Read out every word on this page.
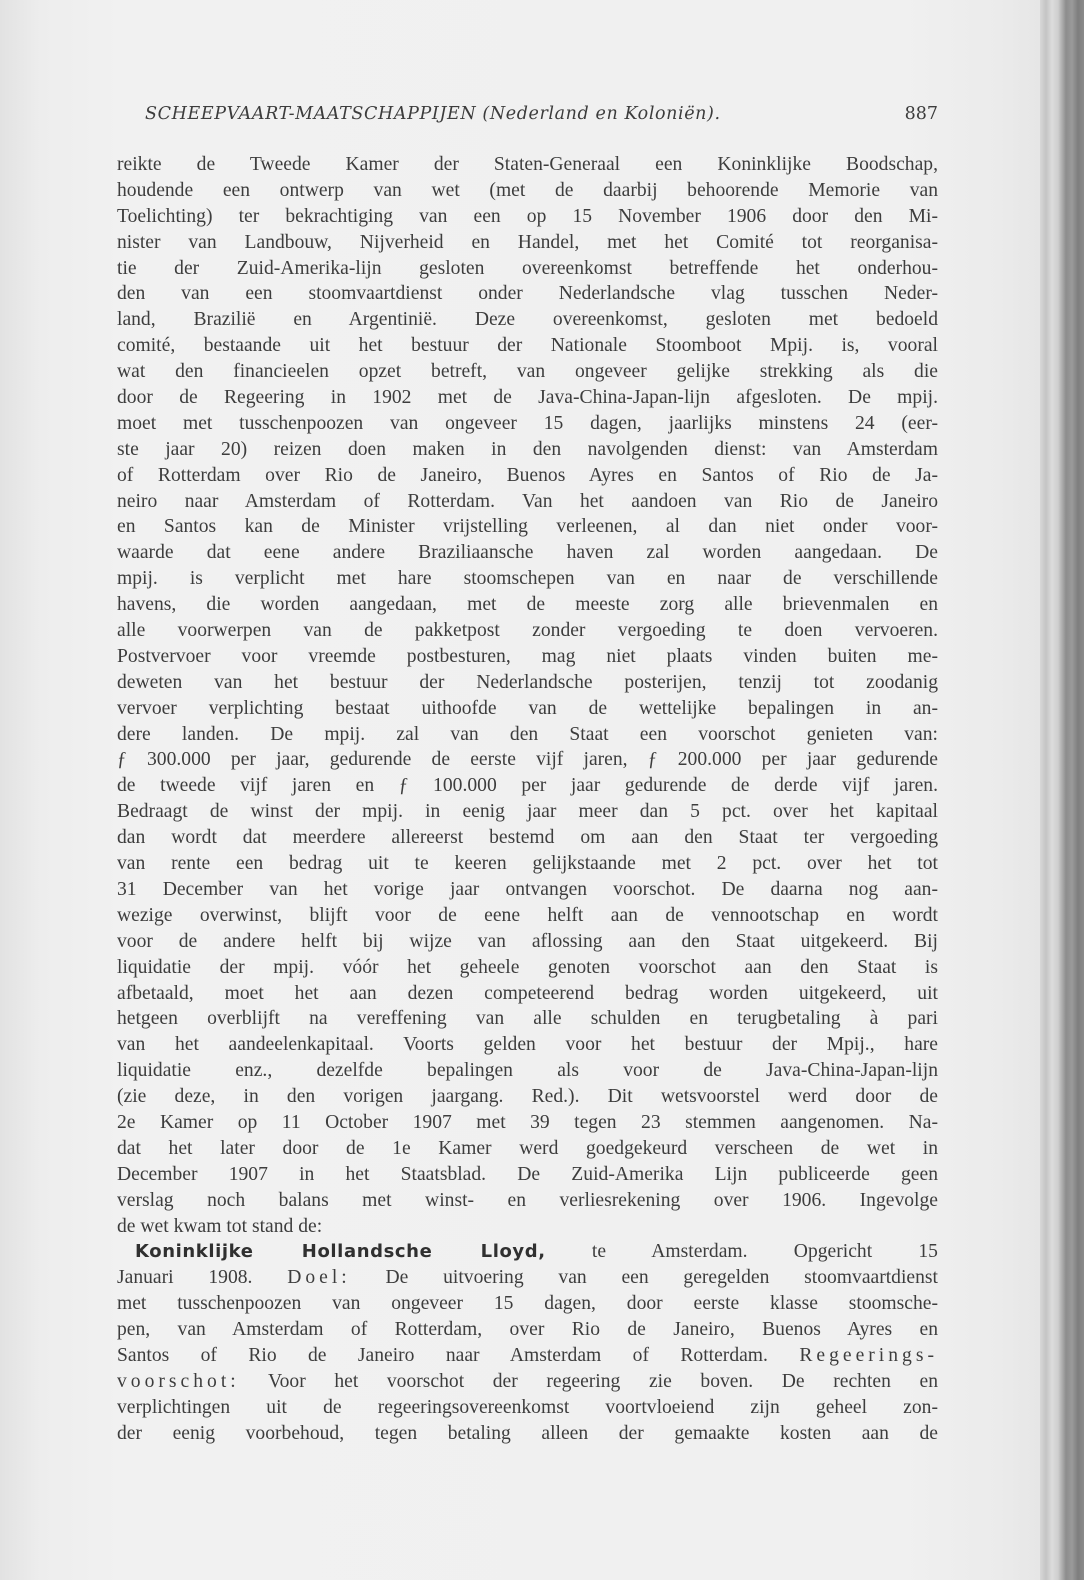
SCHEEPVAART-MAATSCHAPPIJEN (Nederland en Koloniën).	887
reikte de Tweede Kamer der Staten-Generaal een Koninklijke Boodschap,
houdende een ontwerp van wet (met de daarbij behoorende Memorie van
Toelichting) ter bekrachtiging van een op 15 November 1906 door den Mi-
nister van Landbouw, Nijverheid en Handel, met het Comité tot reorganisa-
tie der Zuid-Amerika-lijn gesloten overeenkomst betreffende het onderhou-
den van een stoomvaartdienst onder Nederlandsche vlag tusschen Neder-
land, Brazilië en Argentinië. Deze overeenkomst, gesloten met bedoeld
comité, bestaande uit het bestuur der Nationale Stoomboot Mpij. is, vooral
wat den financieelen opzet betreft, van ongeveer gelijke strekking als die
door de Regeering in 1902 met de Java-China-Japan-lijn afgesloten. De mpij.
moet met tusschenpoozen van ongeveer 15 dagen, jaarlijks minstens 24 (eer-
ste jaar 20) reizen doen maken in den navolgenden dienst: van Amsterdam
of Rotterdam over Rio de Janeiro, Buenos Ayres en Santos of Rio de Ja-
neiro naar Amsterdam of Rotterdam. Van het aandoen van Rio de Janeiro
en Santos kan de Minister vrijstelling verleenen, al dan niet onder voor-
waarde dat eene andere Braziliaansche haven zal worden aangedaan. De
mpij. is verplicht met hare stoomschepen van en naar de verschillende
havens, die worden aangedaan, met de meeste zorg alle brievenmalen en
alle voorwerpen van de pakketpost zonder vergoeding te doen vervoeren.
Postvervoer voor vreemde postbesturen, mag niet plaats vinden buiten me-
deweten van het bestuur der Nederlandsche posterijen, tenzij tot zoodanig
vervoer verplichting bestaat uithoofde van de wettelijke bepalingen in an-
dere landen. De mpij. zal van den Staat een voorschot genieten van:
ƒ 300.000 per jaar, gedurende de eerste vijf jaren, ƒ 200.000 per jaar gedurende
de tweede vijf jaren en ƒ 100.000 per jaar gedurende de derde vijf jaren.
Bedraagt de winst der mpij. in eenig jaar meer dan 5 pct. over het kapitaal
dan wordt dat meerdere allereerst bestemd om aan den Staat ter vergoeding
van rente een bedrag uit te keeren gelijkstaande met 2 pct. over het tot
31 December van het vorige jaar ontvangen voorschot. De daarna nog aan-
wezige overwinst, blijft voor de eene helft aan de vennootschap en wordt
voor de andere helft bij wijze van aflossing aan den Staat uitgekeerd. Bij
liquidatie der mpij. vóór het geheele genoten voorschot aan den Staat is
afbetaald, moet het aan dezen competeerend bedrag worden uitgekeerd, uit
hetgeen overblijft na vereffening van alle schulden en terugbetaling à pari
van het aandeelenkapitaal. Voorts gelden voor het bestuur der Mpij., hare
liquidatie enz., dezelfde bepalingen als voor de Java-China-Japan-lijn
(zie deze, in den vorigen jaargang. Red.). Dit wetsvoorstel werd door de
2e Kamer op 11 October 1907 met 39 tegen 23 stemmen aangenomen. Na-
dat het later door de 1e Kamer werd goedgekeurd verscheen de wet in
December 1907 in het Staatsblad. De Zuid-Amerika Lijn publiceerde geen
verslag noch balans met winst- en verliesrekening over 1906. Ingevolge
de wet kwam tot stand de:
Koninklijke Hollandsche Lloyd, te Amsterdam. Opgericht 15
Januari 1908. Doel: De uitvoering van een geregelden stoomvaartdienst
met tusschenpoozen van ongeveer 15 dagen, door eerste klasse stoomsche-
pen, van Amsterdam of Rotterdam, over Rio de Janeiro, Buenos Ayres en
Santos of Rio de Janeiro naar Amsterdam of Rotterdam. Regeerings-
voorschot: Voor het voorschot der regeering zie boven. De rechten en
verplichtingen uit de regeeringsovereenkomst voortvloeiend zijn geheel zon-
der eenig voorbehoud, tegen betaling alleen der gemaakte kosten aan de
